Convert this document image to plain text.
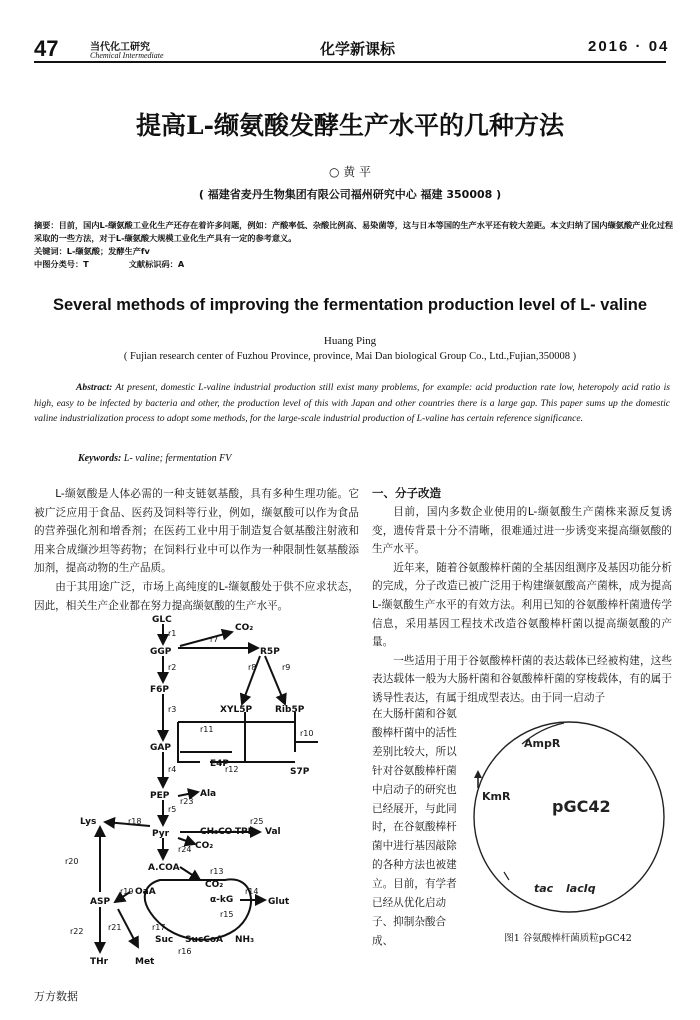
47	当代化工研究
Chemical Intermediate	化学新课标	2016 · 04
提高L-缬氨酸发酵生产水平的几种方法
○ 黄 平
( 福建省麦丹生物集团有限公司福州研究中心 福建 350008 )
摘要：目前，国内L-缬氨酸工业化生产还存在着许多问题，例如：产酸率低、杂酸比例高、易染菌等，这与日本等国的生产水平还有较大差距。本文归纳了国内缬氨酸产业化过程采取的一些方法，对于L-缬氨酸大规模工业化生产具有一定的参考意义。
关键词：L-缬氨酸；发酵生产fv
中图分类号：T	文献标识码：A
Several methods of improving the fermentation production level of L- valine
Huang Ping
( Fujian research center of Fuzhou Province, province, Mai Dan biological Group Co., Ltd.,Fujian,350008 )
Abstract: At present, domestic L-valine industrial production still exist many problems, for example: acid production rate low, heteropoly acid ratio is high, easy to be infected by bacteria and other, the production level of this with Japan and other countries there is a large gap. This paper sums up the domestic valine industrialization process to adopt some methods, for the large-scale industrial production of L-valine has certain reference significance.
Keywords: L- valine; fermentation FV

L-缬氨酸是人体必需的一种支链氨基酸，具有多种生理功能。它被广泛应用于食品、医药及饲料等行业，例如，缬氨酸可以作为食品的营养强化剂和增香剂；在医药工业中用于制造复合氨基酸注射液和用来合成缬沙坦等药物；在饲料行业中可以作为一种限制性氨基酸添加剂，提高动物的生产品质。

由于其用途广泛，市场上高纯度的L-缬氨酸处于供不应求状态，因此，相关生产企业都在努力提高缬氨酸的生产水平。

一、分子改造

目前，国内多数企业使用的L-缬氨酸生产菌株来源反复诱变，遗传背景十分不清晰，很难通过进一步诱变来提高缬氨酸的生产水平。

近年来，随着谷氨酸棒杆菌的全基因组测序及基因功能分析的完成，分子改造已被广泛用于构建缬氨酸高产菌株，成为提高L-缬氨酸生产水平的有效方法。利用已知的谷氨酸棒杆菌遗传学信息，采用基因工程技术改造谷氨酸棒杆菌以提高缬氨酸的产量。

一些适用于用于谷氨酸棒杆菌的表达载体已经被构建，这些表达载体一般为大肠杆菌和谷氨酸棒杆菌的穿梭载体，有的属于诱导性表达，有属于组成型表达。由于同一启动子

在大肠杆菌和谷氨酸棒杆菌中的活性差别比较大，所以针对谷氨酸棒杆菌中启动子的研究也已经展开，与此同时，在谷氨酸棒杆菌中进行基因敲除的各种方法也被建立。目前，有学者已经从优化启动子、抑制杂酸合成、
GLC
GGP
F6P
GAP
PEP
Pyr
A.COA
Lys
ASP
OaA
Suc SucCoA
THr	Met
R5P
XYL5P	Rib5P
E4P
S7P
Ala
CH₃CO-TPP Val
CO₂
CO₂
α-kG	Glut
NH₃
CO₂
r1
r2
r3
r4
r5
r7
r8	r9
r10
r11
r12
r13
r14
r15
r16
r17
r18
r19
r20
r21
r22
r23
r24
r25
AmpR
KmR
pGC42
tac lacIq
图1 谷氨酸棒杆菌质粒pGC42
万方数据
